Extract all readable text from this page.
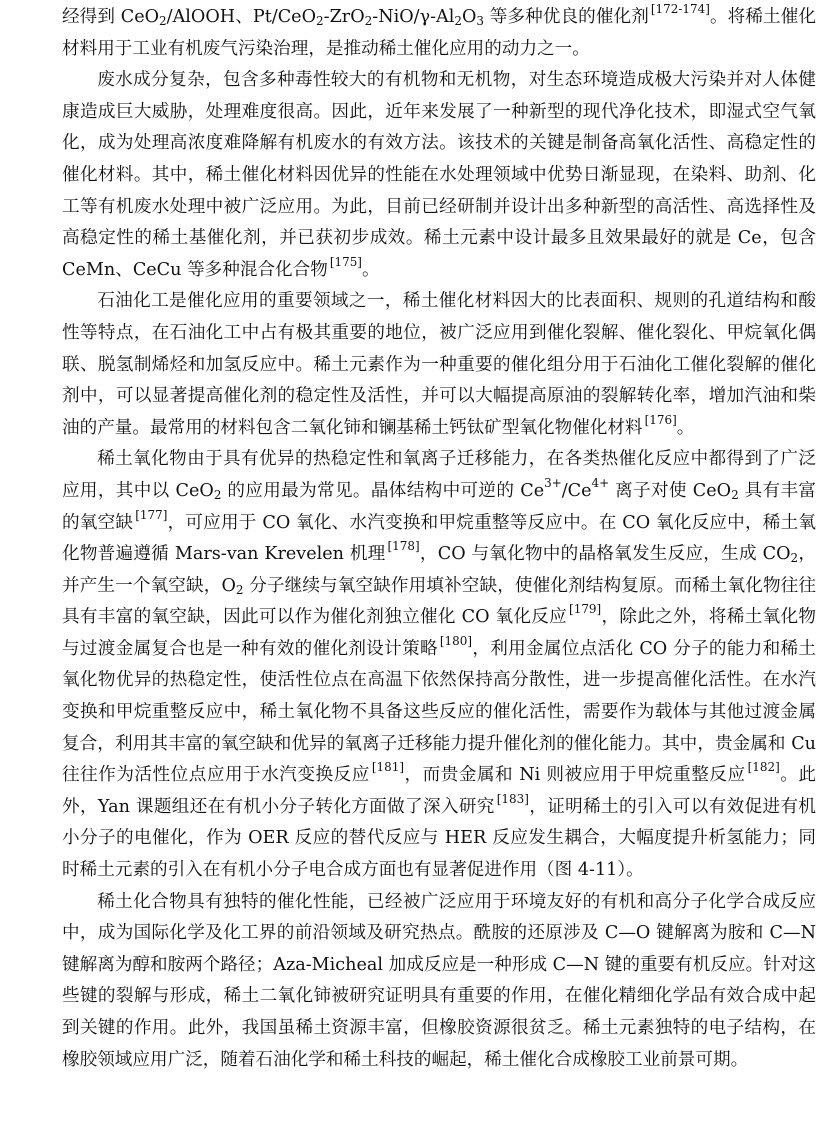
经得到 CeO$_2$/AlOOH、$Pt/CeO_2-ZrO_2-NiO/\gamma-Al_2O_3$ 等多种优良的催化剂 [172-174]。将稀土催化材料用于工业有机废气污染治理，是推动稀土催化应用的动力之一。

废水成分复杂，包含多种毒性较大的有机物和无机物，对生态环境造成极大污染并对人体健康造成巨大威胁，处理难度很高。因此，近年来发展了一种新型的现代净化技术，即湿式空气氧化，成为处理高浓度难降解有机废水的有效方法。该技术的关键是制备高氧化活性、高稳定性的催化材料。其中，稀土催化材料因优异的性能在水处理领域中优势日渐显现，在染料、助剂、化工等有机废水处理中被广泛应用。为此，目前已经研制并设计出多种新型的高活性、高选择性及高稳定性的稀土基催化剂，并已获初步成效。稀土元素中设计最多且效果最好的就是 Ce，包含 CeMn、CeCu 等多种混合化合物 [175]。

石油化工是催化应用的重要领域之一，稀土催化材料因大的比表面积、规则的孔道结构和酸性等特点，在石油化工中占有极其重要的地位，被广泛应用到催化裂解、催化裂化、甲烷氧化偶联、脱氢制烯烃和加氢反应中。稀土元素作为一种重要的催化组分用于石油化工催化裂解的催化剂中，可以显著提高催化剂的稳定性及活性，并可以大幅提高原油的裂解转化率，增加汽油和柴油的产量。最常用的材料包含二氧化铈和镧基稀土钙钛矿型氧化物催化材料 [176]。

稀土氧化物由于具有优异的热稳定性和氧离子迁移能力，在各类热催化反应中都得到了广泛应用，其中以 CeO$_2$ 的应用最为常见。晶体结构中可逆的 $Ce^{3+}/Ce^{4+}$ 离子对使 CeO$_2$ 具有丰富的氧空缺 [177]，可应用于 CO 氧化、水汽变换和甲烷重整等反应中。在 CO 氧化反应中，稀土氧化物普遍遵循 Mars-van Krevelen 机理 [178]，CO 与氧化物中的晶格氧发生反应，生成 $CO_2$，并产生一个氧空缺，$O_2$ 分子继续与氧空缺作用填补空缺，使催化剂结构复原。而稀土氧化物往往具有丰富的氧空缺，因此可以作为催化剂独立催化 CO 氧化反应 [179]，除此之外，将稀土氧化物与过渡金属复合也是一种有效的催化剂设计策略 [180]，利用金属位点活化 CO 分子的能力和稀土氧化物优异的热稳定性，使活性位点在高温下依然保持高分散性，进一步提高催化活性。在水汽变换和甲烷重整反应中，稀土氧化物不具备这些反应的催化活性，需要作为载体与其他过渡金属复合，利用其丰富的氧空缺和优异的氧离子迁移能力提升催化剂的催化能力。其中，贵金属和 Cu 往往作为活性位点应用于水汽变换反应 [181]，而贵金属和 Ni 则被应用于甲烷重整反应 [182]。此外，Yan 课题组还在有机小分子转化方面做了深入研究 [183]，证明稀土的引入可以有效促进有机小分子的电催化，作为 OER 反应的替代反应与 HER 反应发生耦合，大幅度提升析氢能力；同时稀土元素的引入在有机小分子电合成方面也有显著促进作用（图 4-11）。

稀土化合物具有独特的催化性能，已经被广泛应用于环境友好的有机和高分子化学合成反应中，成为国际化学及化工界的前沿领域及研究热点。酰胺的还原涉及 C—O 键解离为胺和 C—N 键解离为醇和胺两个路径；Aza-Micheal 加成反应是一种形成 C—N 键的重要有机反应。针对这些键的裂解与形成，稀土二氧化铈被研究证明具有重要的作用，在催化精细化学品有效合成中起到关键的作用。此外，我国虽稀土资源丰富，但橡胶资源很贫乏。稀土元素独特的电子结构，在橡胶领域应用广泛，随着石油化学和稀土科技的崛起，稀土催化合成橡胶工业前景可期。
